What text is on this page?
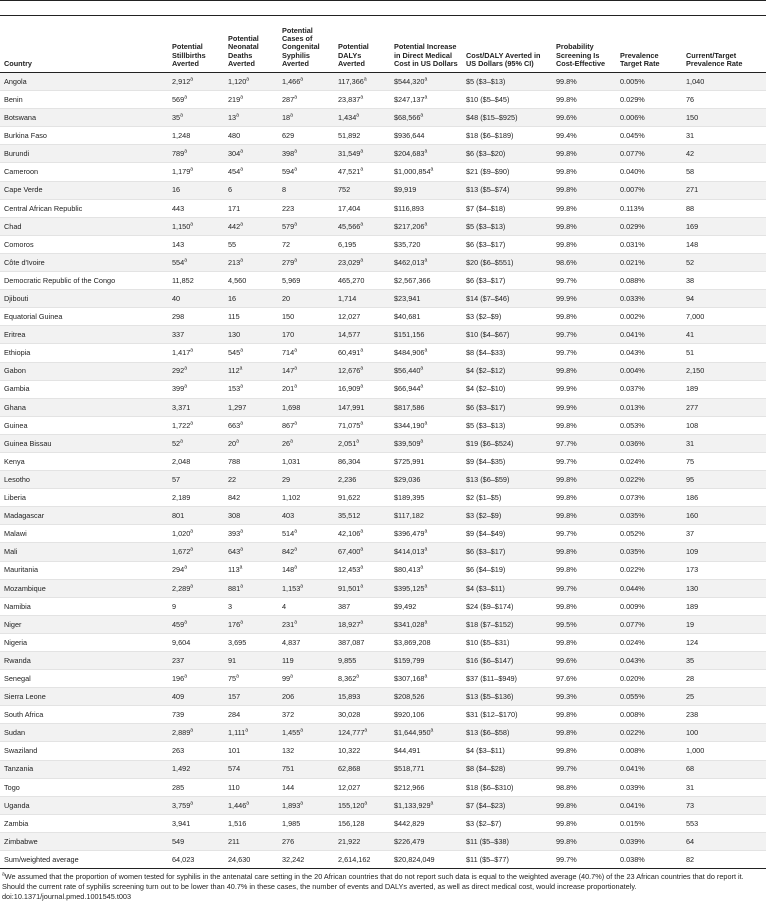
Country	Potential Stillbirths Averted	Potential Neonatal Deaths Averted	Potential Cases of Congenital Syphilis Averted	Potential DALYs Averted	Potential Increase in Direct Medical Cost in US Dollars	Cost/DALY Averted in US Dollars (95% CI)	Probability Screening Is Cost-Effective	Prevalence Target Rate	Current/Target Prevalence Rate
Angola	2,912$^a$	1,120$^a$	1,466$^a$	117,366$^a$	$544,320$^a$	$5 ($3–$13)	99.8%	0.005%	1,040
Benin	569$^a$	219$^a$	287$^a$	23,837$^a$	$247,137$^a$	$10 ($5–$45)	99.8%	0.029%	76
Botswana	35$^a$	13$^a$	18$^a$	1,434$^a$	$68,566$^a$	$48 ($15–$925)	99.6%	0.006%	150
Burkina Faso	1,248	480	629	51,892	$936,644	$18 ($6–$189)	99.4%	0.045%	31
Burundi	789$^a$	304$^a$	398$^a$	31,549$^a$	$204,683$^a$	$6 ($3–$20)	99.8%	0.077%	42
Cameroon	1,179$^a$	454$^a$	594$^a$	47,521$^a$	$1,000,854$^a$	$21 ($9–$90)	99.8%	0.040%	58
Cape Verde	16	6	8	752	$9,919	$13 ($5–$74)	99.8%	0.007%	271
Central African Republic	443	171	223	17,404	$116,893	$7 ($4–$18)	99.8%	0.113%	88
Chad	1,150$^a$	442$^a$	579$^a$	45,566$^a$	$217,206$^a$	$5 ($3–$13)	99.8%	0.029%	169
Comoros	143	55	72	6,195	$35,720	$6 ($3–$17)	99.8%	0.031%	148
Côte d'Ivoire	554$^a$	213$^a$	279$^a$	23,029$^a$	$462,013$^a$	$20 ($6–$551)	98.6%	0.021%	52
Democratic Republic of the Congo	11,852	4,560	5,969	465,270	$2,567,366	$6 ($3–$17)	99.7%	0.088%	38
Djibouti	40	16	20	1,714	$23,941	$14 ($7–$46)	99.9%	0.033%	94
Equatorial Guinea	298	115	150	12,027	$40,681	$3 ($2–$9)	99.8%	0.002%	7,000
Eritrea	337	130	170	14,577	$151,156	$10 ($4–$67)	99.7%	0.041%	41
Ethiopia	1,417$^a$	545$^a$	714$^a$	60,491$^a$	$484,906$^a$	$8 ($4–$33)	99.7%	0.043%	51
Gabon	292$^a$	112$^a$	147$^a$	12,676$^a$	$56,440$^a$	$4 ($2–$12)	99.8%	0.004%	2,150
Gambia	399$^a$	153$^a$	201$^a$	16,909$^a$	$66,944$^a$	$4 ($2–$10)	99.9%	0.037%	189
Ghana	3,371	1,297	1,698	147,991	$817,586	$6 ($3–$17)	99.9%	0.013%	277
Guinea	1,722$^a$	663$^a$	867$^a$	71,075$^a$	$344,190$^a$	$5 ($3–$13)	99.8%	0.053%	108
Guinea Bissau	52$^a$	20$^a$	26$^a$	2,051$^a$	$39,509$^a$	$19 ($6–$524)	97.7%	0.036%	31
Kenya	2,048	788	1,031	86,304	$725,991	$9 ($4–$35)	99.7%	0.024%	75
Lesotho	57	22	29	2,236	$29,036	$13 ($6–$59)	99.8%	0.022%	95
Liberia	2,189	842	1,102	91,622	$189,395	$2 ($1–$5)	99.8%	0.073%	186
Madagascar	801	308	403	35,512	$117,182	$3 ($2–$9)	99.8%	0.035%	160
Malawi	1,020$^a$	393$^a$	514$^a$	42,106$^a$	$396,479$^a$	$9 ($4–$49)	99.7%	0.052%	37
Mali	1,672$^a$	643$^a$	842$^a$	67,400$^a$	$414,013$^a$	$6 ($3–$17)	99.8%	0.035%	109
Mauritania	294$^a$	113$^a$	148$^a$	12,453$^a$	$80,413$^a$	$6 ($4–$19)	99.8%	0.022%	173
Mozambique	2,289$^a$	881$^a$	1,153$^a$	91,501$^a$	$395,125$^a$	$4 ($3–$11)	99.7%	0.044%	130
Namibia	9	3	4	387	$9,492	$24 ($9–$174)	99.8%	0.009%	189
Niger	459$^a$	176$^a$	231$^a$	18,927$^a$	$341,028$^a$	$18 ($7–$152)	99.5%	0.077%	19
Nigeria	9,604	3,695	4,837	387,087	$3,869,208	$10 ($5–$31)	99.8%	0.024%	124
Rwanda	237	91	119	9,855	$159,799	$16 ($6–$147)	99.6%	0.043%	35
Senegal	196$^a$	75$^a$	99$^a$	8,362$^a$	$307,168$^a$	$37 ($11–$949)	97.6%	0.020%	28
Sierra Leone	409	157	206	15,893	$208,526	$13 ($5–$136)	99.3%	0.055%	25
South Africa	739	284	372	30,028	$920,106	$31 ($12–$170)	99.8%	0.008%	238
Sudan	2,889$^a$	1,111$^a$	1,455$^a$	124,777$^a$	$1,644,950$^a$	$13 ($6–$58)	99.8%	0.022%	100
Swaziland	263	101	132	10,322	$44,491	$4 ($3–$11)	99.8%	0.008%	1,000
Tanzania	1,492	574	751	62,868	$518,771	$8 ($4–$28)	99.7%	0.041%	68
Togo	285	110	144	12,027	$212,966	$18 ($6–$310)	98.8%	0.039%	31
Uganda	3,759$^a$	1,446$^a$	1,893$^a$	155,120$^a$	$1,133,929$^a$	$7 ($4–$23)	99.8%	0.041%	73
Zambia	3,941	1,516	1,985	156,128	$442,829	$3 ($2–$7)	99.8%	0.015%	553
Zimbabwe	549	211	276	21,922	$226,479	$11 ($5–$38)	99.8%	0.039%	64
Sum/weighted average	64,023	24,630	32,242	2,614,162	$20,824,049	$11 ($5–$77)	99.7%	0.038%	82
$^a$We assumed that the proportion of women tested for syphilis in the antenatal care setting in the 20 African countries that do not report such data is equal to the weighted average (40.7%) of the 23 African countries that do report it. Should the current rate of syphilis screening turn out to be lower than 40.7% in these cases, the number of events and DALYs averted, as well as direct medical cost, would increase proportionately.
doi:10.1371/journal.pmed.1001545.t003
